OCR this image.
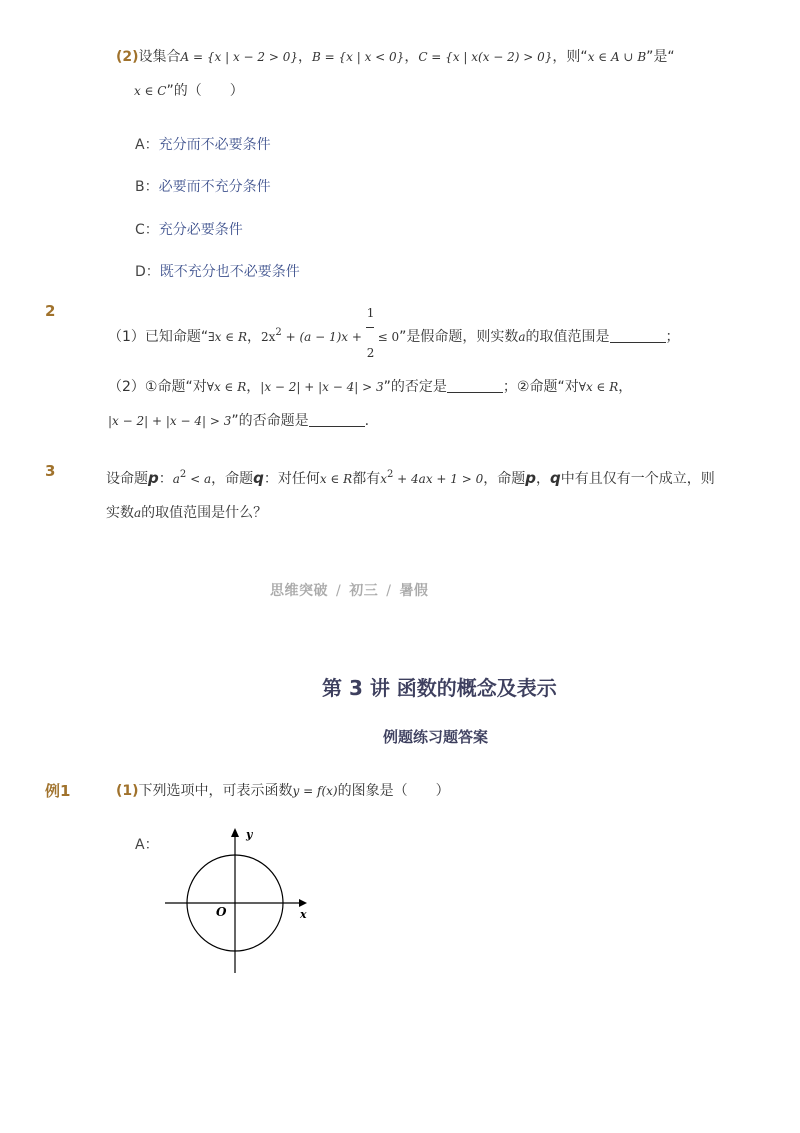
(2)设集合A = {x | x − 2 > 0}，B = {x | x < 0}，C = {x | x(x − 2) > 0}，则“x ∈ A ∪ B”是“
x ∈ C”的（　　）
A：充分而不必要条件
B：必要而不充分条件
C：充分必要条件
D：既不充分也不必要条件
2
（1）已知命题“∃x ∈ R，$2x^2 + (a - 1)x + \frac{1}{2} \le 0$”是假命题，则实数a的取值范围是	；
（2）①命题“对∀x ∈ R，|x − 2| + |x − 4| > 3”的否定是	；②命题“对∀x ∈ R，
|x − 2| + |x − 4| > 3”的否命题是	.
3	设命题p：$a^2 < a$，命题q：对任何x ∈ R都有$x^2 + 4ax + 1 > 0$，命题p，q中有且仅有一个成立，则
实数a的取值范围是什么？
思维突破 / 初三 / 暑假
第 3 讲 函数的概念及表示
例题练习题答案
例1	(1)下列选项中，可表示函数y = f(x)的图象是（　　）
A：
y
x
O
